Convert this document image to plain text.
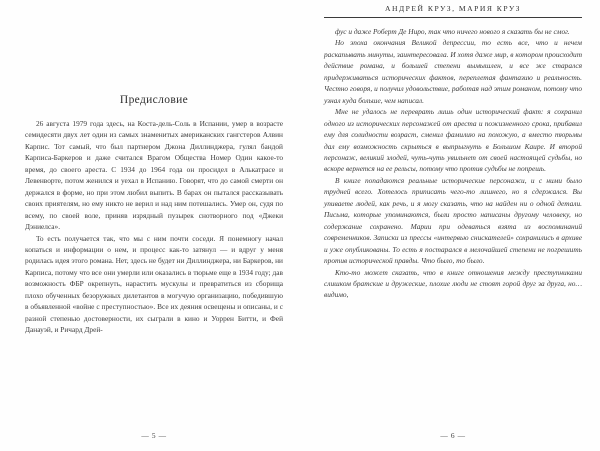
Предисловие

26 августа 1979 года здесь, на Коста-дель-Соль в Испании, умер в возрасте семидесяти двух лет один из самых знаменитых американских гангстеров Алвин Карпис. Тот самый, что был партнером Джона Диллинджера, гулял бандой Карписа-Баркеров и даже считался Врагом Общества Номер Один какое-то время, до своего ареста. С 1934 до 1964 года он просидел в Алькатрасе и Левенворте, потом женился и уехал в Испанию. Говорят, что до самой смерти он держался в форме, но при этом любил выпить. В барах он пытался рассказывать своих приятелям, но ему никто не верил и над ним потешались. Умер он, судя по всему, по своей воле, приняв изрядный пузырек снотворного под «Джеки Дэниелса».

То есть получается так, что мы с ним почти соседи. Я понемногу начал копаться и информации о нем, и процесс как-то затянул — и вдруг у меня родилась идея этого романа. Нет, здесь не будет ни Диллинджера, ни Баркеров, ни Карписа, потому что все они умерли или оказались в тюрьме еще в 1934 году; дав возможность ФБР окрепнуть, нарастить мускулы и превратиться из сборища плохо обученных безоружных дилетантов в могучую организацию, победившую в объявленной «войне с преступностью». Все их деяния освещены и описаны, и с разной степенью достоверности, их сыграли в кино и Уоррен Битти, и Фей Данауэй, и Ричард Дрей-

— 5 —
АНДРЕЙ КРУЗ, МАРИЯ КРУЗ

фус и даже Роберт Де Ниро, так что ничего нового я сказать бы не смог.

Но эпоха окончания Великой депрессии, то есть все, что и нечем раскапывать минуты, заинтересовала. И хотя даже мир, в котором происходит действие романа, и большей степени вымышлен, и все же старался придерживаться исторических фактов, переплетая фантазию и реальность. Честно говоря, и получил удовольствие, работая над этим романом, потому что узнал куда больше, чем написал.

Мне не удалось не переврать лишь один исторический факт: я сохранил одного из исторических персонажей от ареста и пожизненного срока, прибавил ему для солидности возраст, сменил фамилию на похожую, а вместо тюрьмы дал ему возможность скрыться в выпрыгнуть в Большом Каире. И второй персонаж, великий злодей, чуть-чуть увильнет от своей настоящей судьбы, но вскоре вернется на ее рельсы, потому что против судьбы не попрешь.

В книге попадаются реальные исторические персонажи, и с ними было трудней всего. Хотелось приписать чего-то лишнего, но я сдержался. Вы упиваете людей, как речь, и я могу сказать, что на найден ни о одной детали. Письма, которые упоминаются, были просто написаны другому человеку, но содержание сохранено. Марии при одеваться взята из воспоминаний современников. Записки из прессы «интервью снискателей» сохранились в архиве и уже опубликованы. То есть я постарался в мелочайшей степени не погрешить против исторической правды. Что было, то было.

Кто-то может сказать, что в книге отношения между преступниками слишком братские и дружеские, плохие люди не стоят горой друг за друга, но… видимо,

— 6 —
